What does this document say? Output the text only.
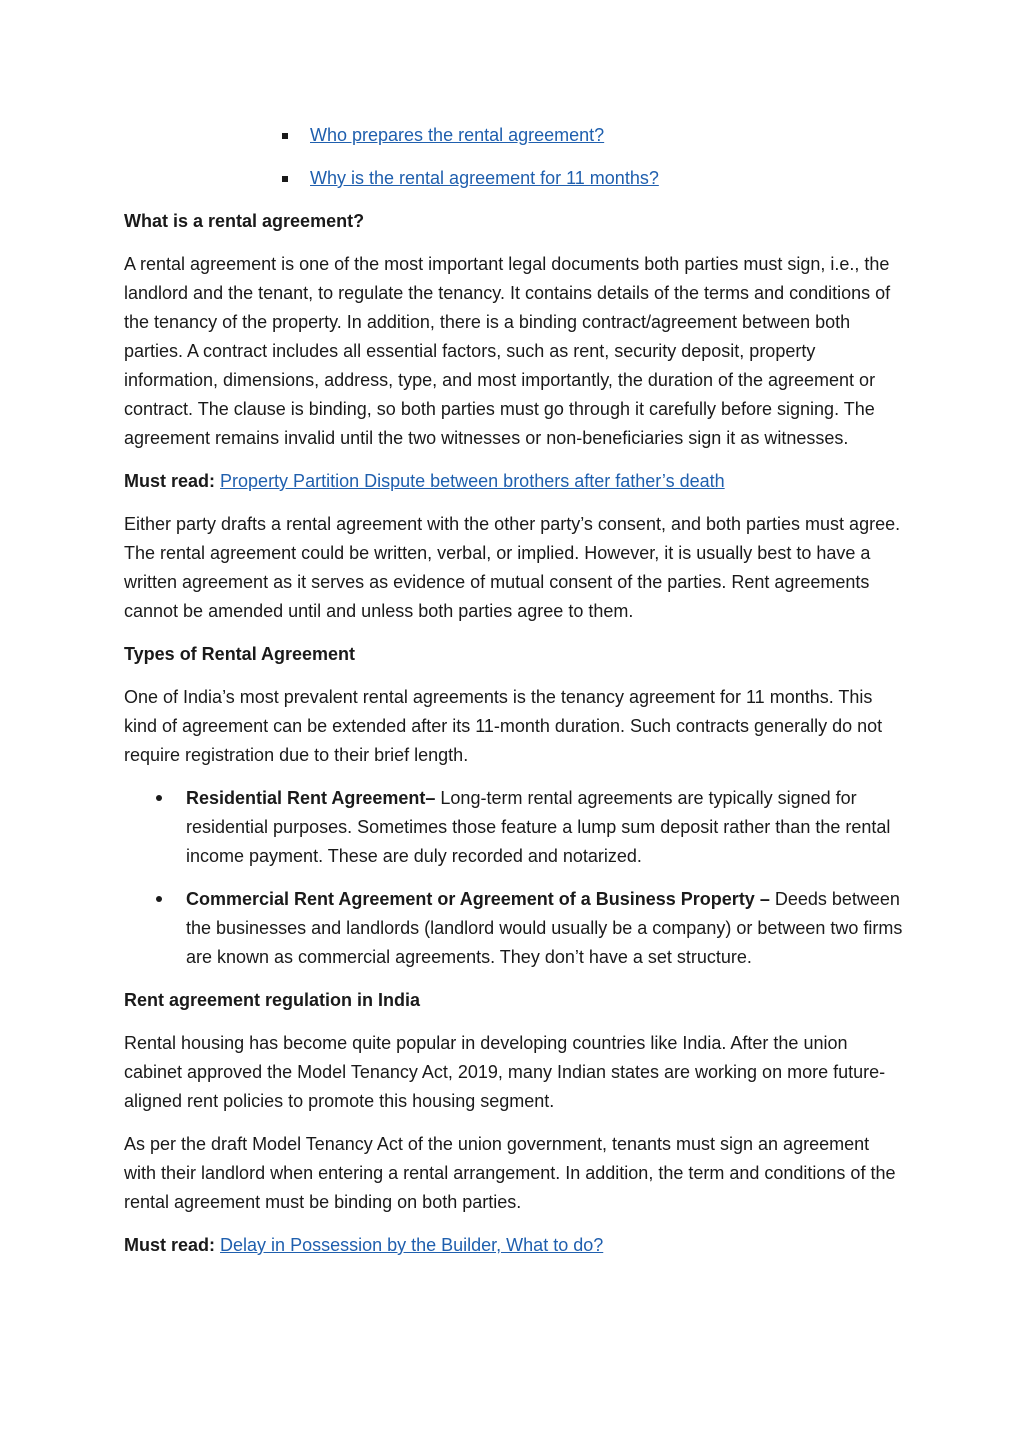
Who prepares the rental agreement?
Why is the rental agreement for 11 months?
What is a rental agreement?

A rental agreement is one of the most important legal documents both parties must sign, i.e., the landlord and the tenant, to regulate the tenancy. It contains details of the terms and conditions of the tenancy of the property. In addition, there is a binding contract/agreement between both parties. A contract includes all essential factors, such as rent, security deposit, property information, dimensions, address, type, and most importantly, the duration of the agreement or contract. The clause is binding, so both parties must go through it carefully before signing. The agreement remains invalid until the two witnesses or non-beneficiaries sign it as witnesses.

Must read: Property Partition Dispute between brothers after father’s death

Either party drafts a rental agreement with the other party’s consent, and both parties must agree. The rental agreement could be written, verbal, or implied. However, it is usually best to have a written agreement as it serves as evidence of mutual consent of the parties. Rent agreements cannot be amended until and unless both parties agree to them.

Types of Rental Agreement

One of India’s most prevalent rental agreements is the tenancy agreement for 11 months. This kind of agreement can be extended after its 11-month duration. Such contracts generally do not require registration due to their brief length.

Residential Rent Agreement– Long-term rental agreements are typically signed for residential purposes. Sometimes those feature a lump sum deposit rather than the rental income payment. These are duly recorded and notarized.
Commercial Rent Agreement or Agreement of a Business Property – Deeds between the businesses and landlords (landlord would usually be a company) or between two firms are known as commercial agreements. They don’t have a set structure.
Rent agreement regulation in India

Rental housing has become quite popular in developing countries like India. After the union cabinet approved the Model Tenancy Act, 2019, many Indian states are working on more future-aligned rent policies to promote this housing segment.

As per the draft Model Tenancy Act of the union government, tenants must sign an agreement with their landlord when entering a rental arrangement. In addition, the term and conditions of the rental agreement must be binding on both parties.

Must read: Delay in Possession by the Builder, What to do?
